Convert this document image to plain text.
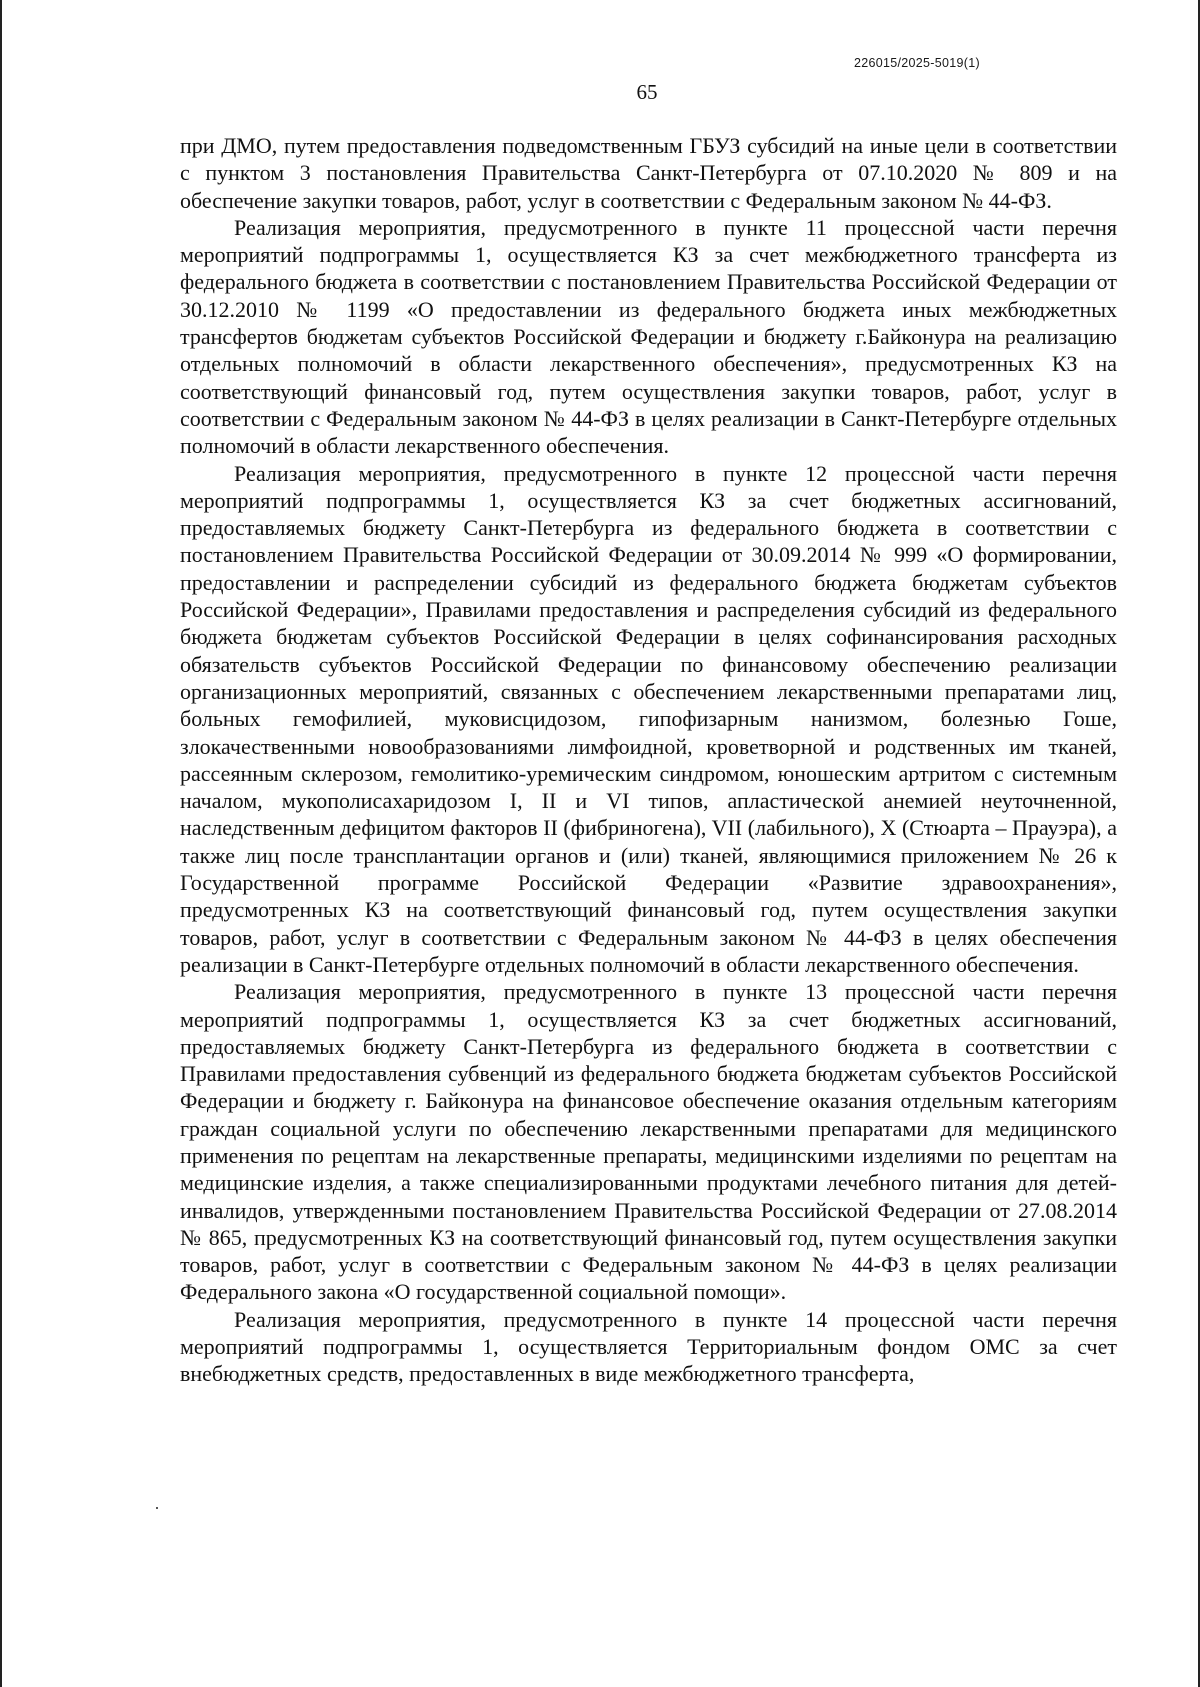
226015/2025-5019(1)
65

при ДМО, путем предоставления подведомственным ГБУЗ субсидий на иные цели в соответствии с пунктом 3 постановления Правительства Санкт-Петербурга от 07.10.2020 № 809 и на обеспечение закупки товаров, работ, услуг в соответствии с Федеральным законом № 44-ФЗ.

Реализация мероприятия, предусмотренного в пункте 11 процессной части перечня мероприятий подпрограммы 1, осуществляется КЗ за счет межбюджетного трансферта из федерального бюджета в соответствии с постановлением Правительства Российской Федерации от 30.12.2010 № 1199 «О предоставлении из федерального бюджета иных межбюджетных трансфертов бюджетам субъектов Российской Федерации и бюджету г.Байконура на реализацию отдельных полномочий в области лекарственного обеспечения», предусмотренных КЗ на соответствующий финансовый год, путем осуществления закупки товаров, работ, услуг в соответствии с Федеральным законом № 44-ФЗ в целях реализации в Санкт-Петербурге отдельных полномочий в области лекарственного обеспечения.

Реализация мероприятия, предусмотренного в пункте 12 процессной части перечня мероприятий подпрограммы 1, осуществляется КЗ за счет бюджетных ассигнований, предоставляемых бюджету Санкт-Петербурга из федерального бюджета в соответствии с постановлением Правительства Российской Федерации от 30.09.2014 № 999 «О формировании, предоставлении и распределении субсидий из федерального бюджета бюджетам субъектов Российской Федерации», Правилами предоставления и распределения субсидий из федерального бюджета бюджетам субъектов Российской Федерации в целях софинансирования расходных обязательств субъектов Российской Федерации по финансовому обеспечению реализации организационных мероприятий, связанных с обеспечением лекарственными препаратами лиц, больных гемофилией, муковисцидозом, гипофизарным нанизмом, болезнью Гоше, злокачественными новообразованиями лимфоидной, кроветворной и родственных им тканей, рассеянным склерозом, гемолитико-уремическим синдромом, юношеским артритом с системным началом, мукополисахаридозом I, II и VI типов, апластической анемией неуточненной, наследственным дефицитом факторов II (фибриногена), VII (лабильного), X (Стюарта – Прауэра), а также лиц после трансплантации органов и (или) тканей, являющимися приложением № 26 к Государственной программе Российской Федерации «Развитие здравоохранения», предусмотренных КЗ на соответствующий финансовый год, путем осуществления закупки товаров, работ, услуг в соответствии с Федеральным законом № 44-ФЗ в целях обеспечения реализации в Санкт-Петербурге отдельных полномочий в области лекарственного обеспечения.

Реализация мероприятия, предусмотренного в пункте 13 процессной части перечня мероприятий подпрограммы 1, осуществляется КЗ за счет бюджетных ассигнований, предоставляемых бюджету Санкт-Петербурга из федерального бюджета в соответствии с Правилами предоставления субвенций из федерального бюджета бюджетам субъектов Российской Федерации и бюджету г. Байконура на финансовое обеспечение оказания отдельным категориям граждан социальной услуги по обеспечению лекарственными препаратами для медицинского применения по рецептам на лекарственные препараты, медицинскими изделиями по рецептам на медицинские изделия, а также специализированными продуктами лечебного питания для детей-инвалидов, утвержденными постановлением Правительства Российской Федерации от 27.08.2014 № 865, предусмотренных КЗ на соответствующий финансовый год, путем осуществления закупки товаров, работ, услуг в соответствии с Федеральным законом № 44-ФЗ в целях реализации Федерального закона «О государственной социальной помощи».

Реализация мероприятия, предусмотренного в пункте 14 процессной части перечня мероприятий подпрограммы 1, осуществляется Территориальным фондом ОМС за счет внебюджетных средств, предоставленных в виде межбюджетного трансферта,
